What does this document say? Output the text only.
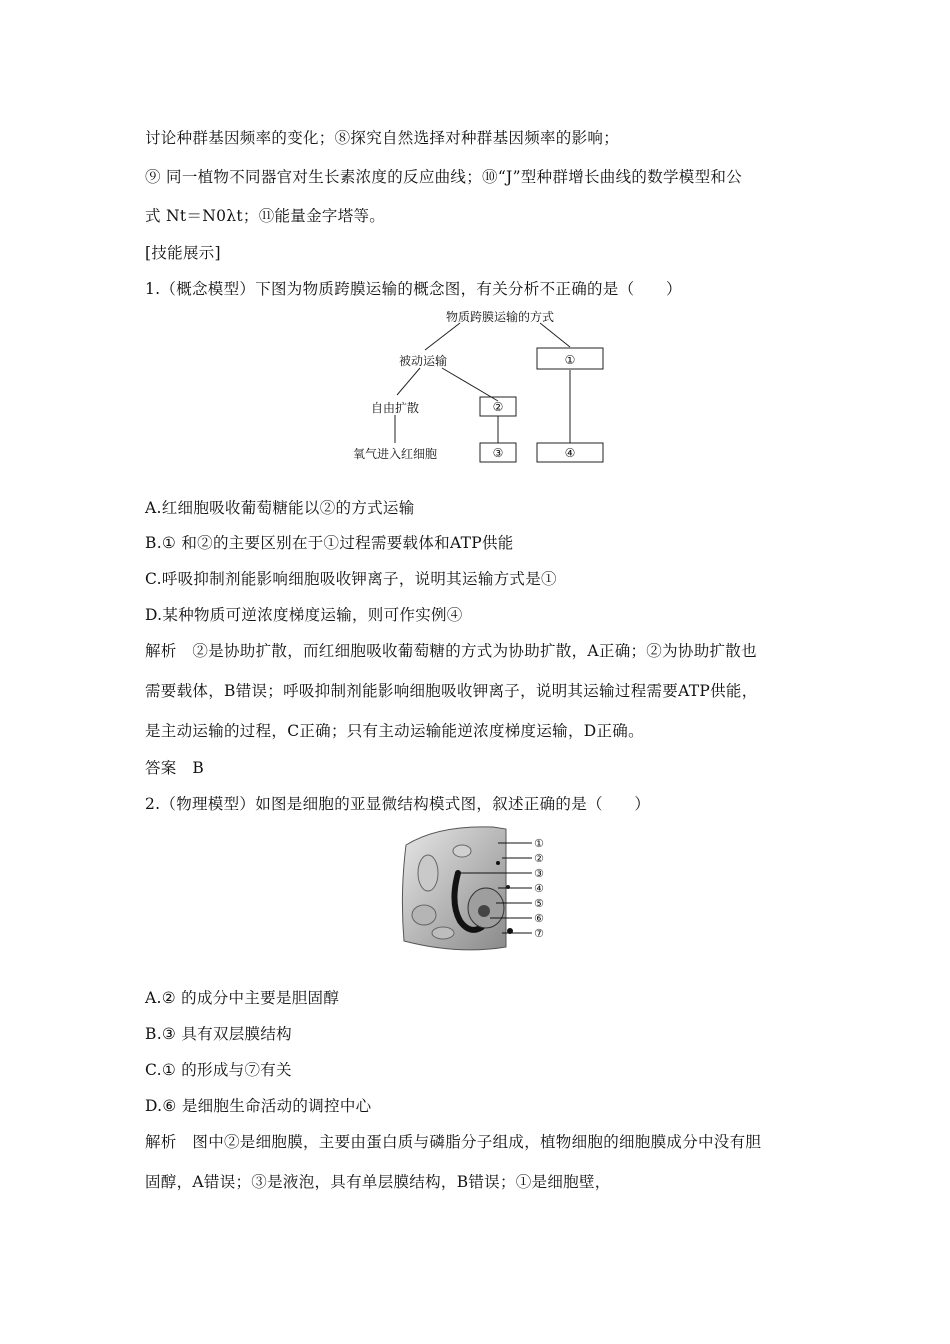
讨论种群基因频率的变化；⑧探究自然选择对种群基因频率的影响；
⑨ 同一植物不同器官对生长素浓度的反应曲线；⑩“J”型种群增长曲线的数学模型和公
式 Nt＝N0λt；⑪能量金字塔等。
[技能展示]
1.（概念模型）下图为物质跨膜运输的概念图，有关分析不正确的是（　　）
物质跨膜运输的方式
被动运输	①
自由扩散	②
氧气进入红细胞	③	④
A.红细胞吸收葡萄糖能以②的方式运输
B.① 和②的主要区别在于①过程需要载体和ATP供能
C.呼吸抑制剂能影响细胞吸收钾离子，说明其运输方式是①
D.某种物质可逆浓度梯度运输，则可作实例④
解析　②是协助扩散，而红细胞吸收葡萄糖的方式为协助扩散，A正确；②为协助扩散也
需要载体，B错误；呼吸抑制剂能影响细胞吸收钾离子，说明其运输过程需要ATP供能，
是主动运输的过程，C正确；只有主动运输能逆浓度梯度运输，D正确。
答案　B
2.（物理模型）如图是细胞的亚显微结构模式图，叙述正确的是（　　）
①
②
③
④
⑤
⑥
⑦
A.② 的成分中主要是胆固醇
B.③ 具有双层膜结构
C.① 的形成与⑦有关
D.⑥ 是细胞生命活动的调控中心
解析　图中②是细胞膜，主要由蛋白质与磷脂分子组成，植物细胞的细胞膜成分中没有胆
固醇，A错误；③是液泡，具有单层膜结构，B错误；①是细胞壁，
